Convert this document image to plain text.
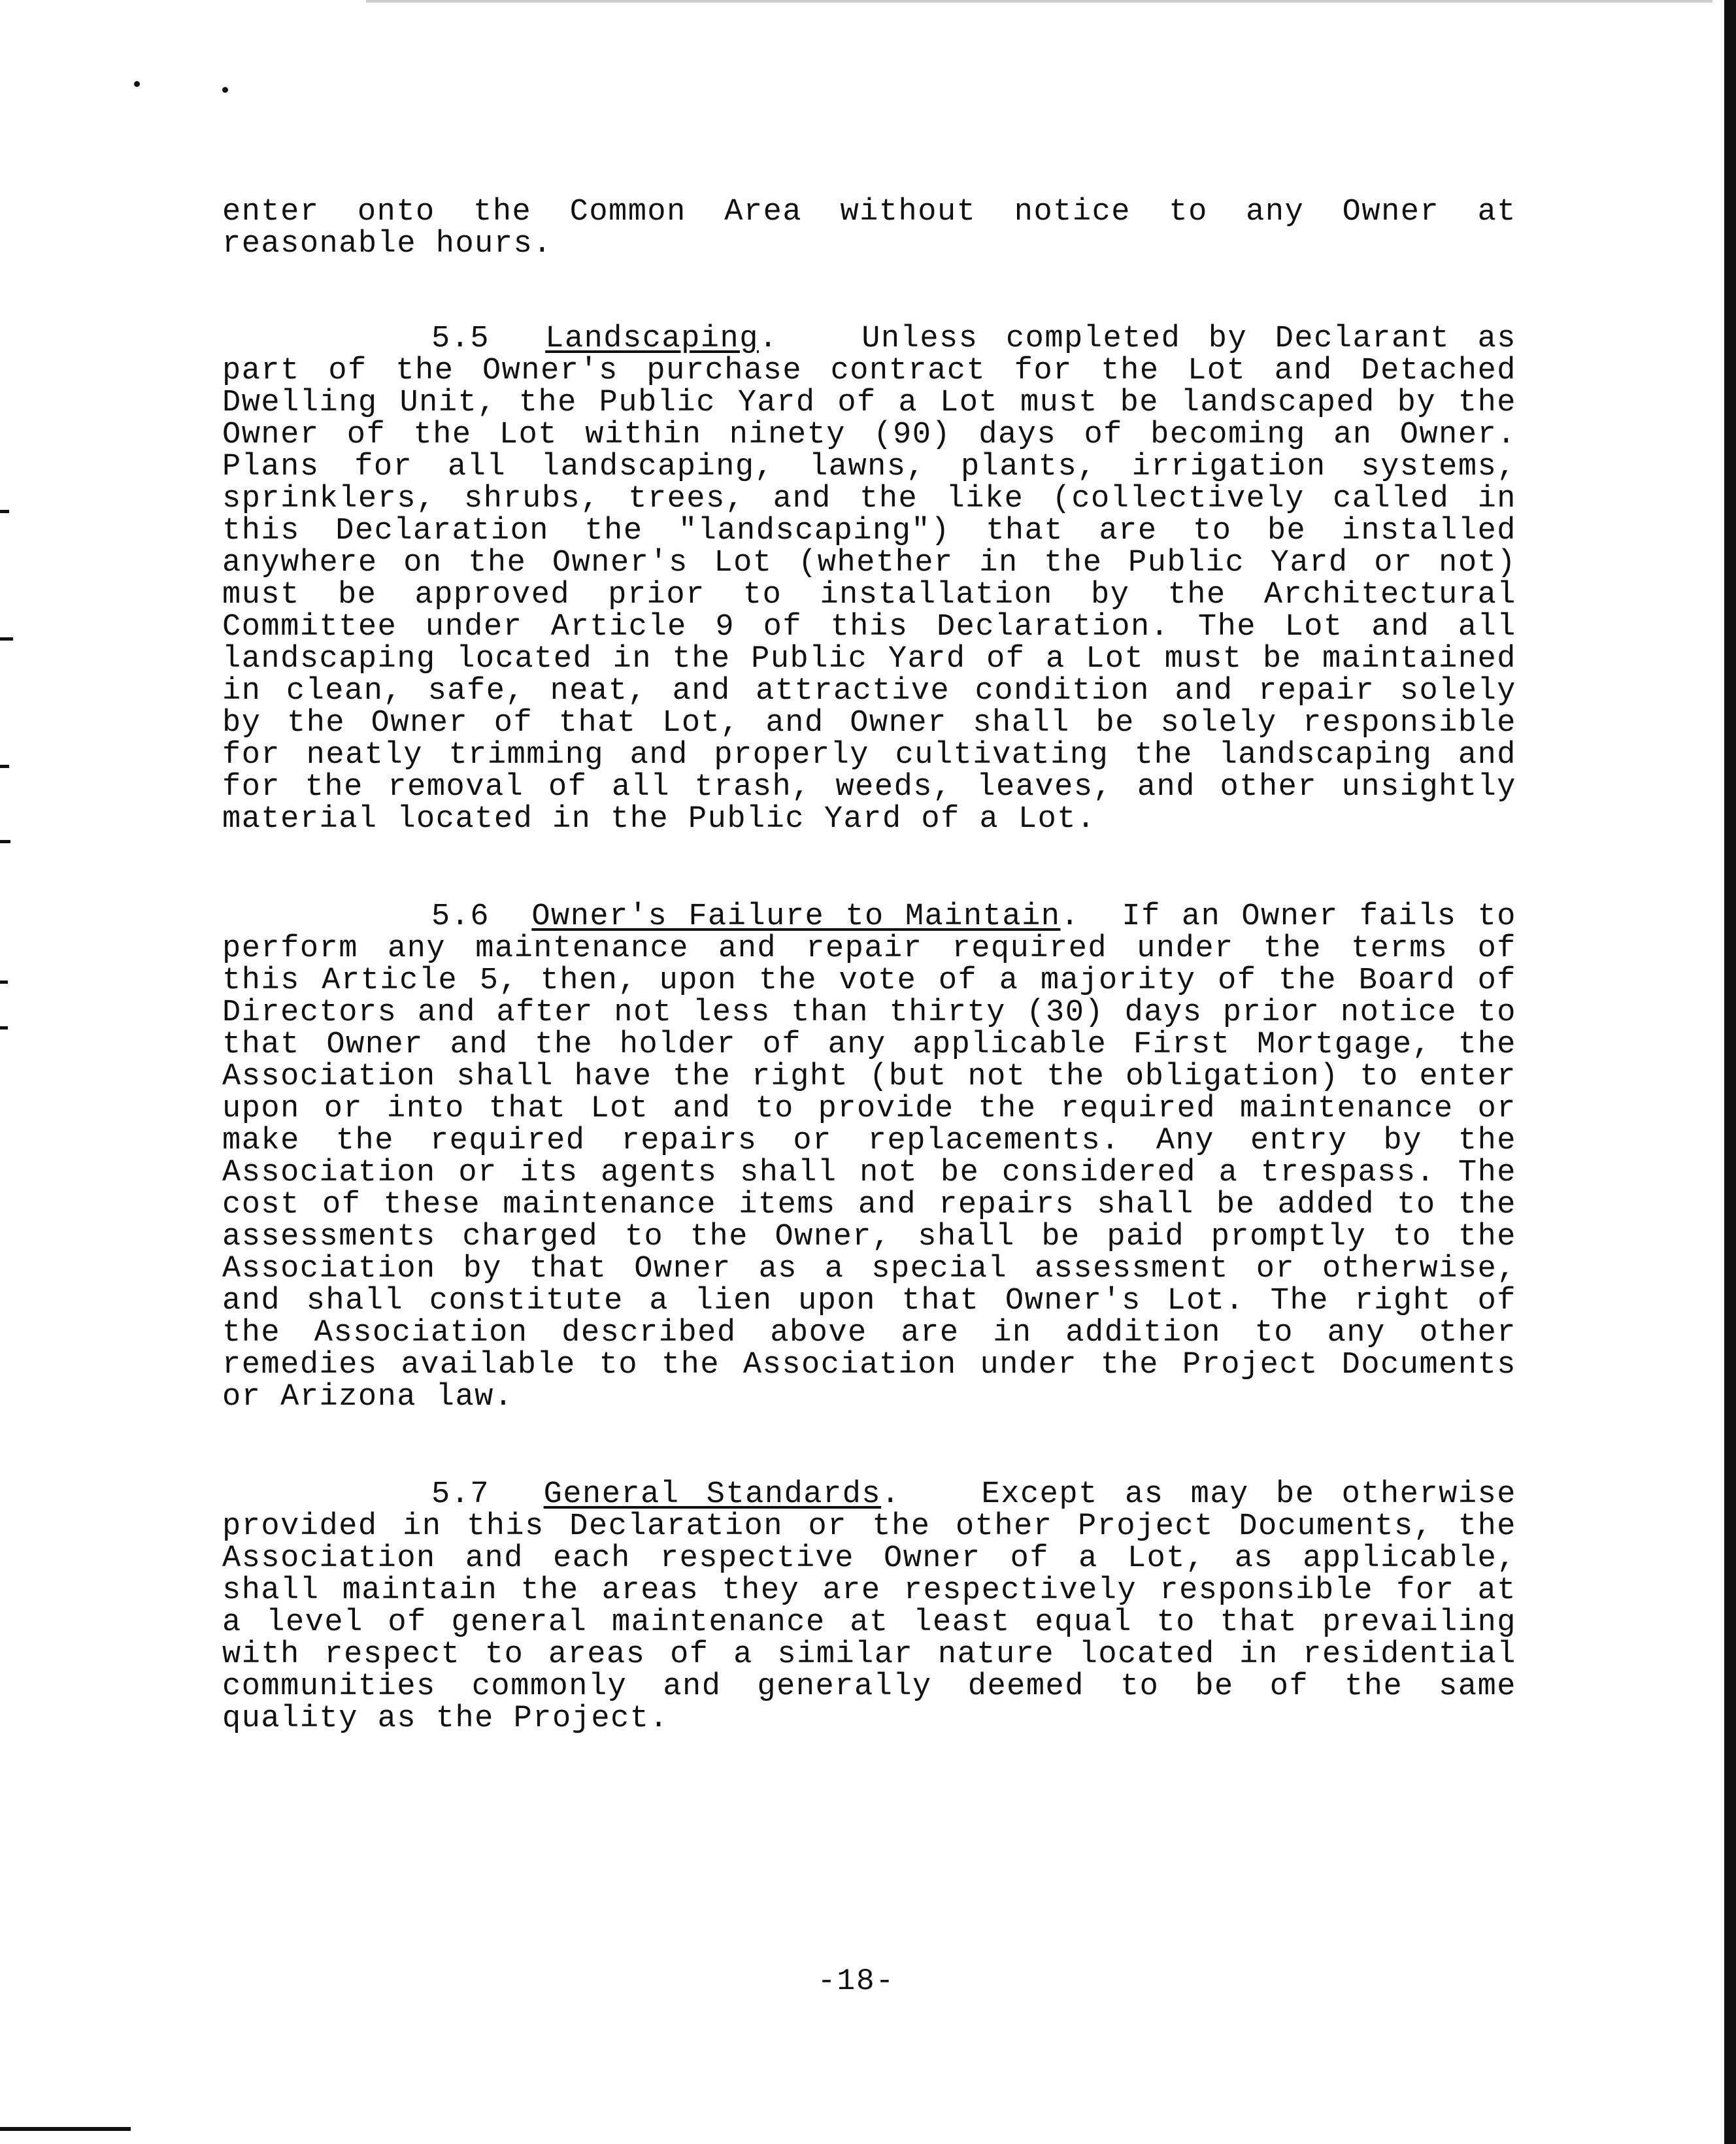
enter onto the Common Area without notice to any Owner at reasonable hours.

5.5 Landscaping.   Unless completed by Declarant as part of the Owner's purchase contract for the Lot and Detached Dwelling Unit, the Public Yard of a Lot must be landscaped by the Owner of the Lot within ninety (90) days of becoming an Owner. Plans for all landscaping, lawns, plants, irrigation systems, sprinklers, shrubs, trees, and the like (collectively called in this Declaration the "landscaping") that are to be installed anywhere on the Owner's Lot (whether in the Public Yard or not) must be approved prior to installation by the Architectural Committee under Article 9 of this Declaration. The Lot and all landscaping located in the Public Yard of a Lot must be maintained in clean, safe, neat, and attractive condition and repair solely by the Owner of that Lot, and Owner shall be solely responsible for neatly trimming and properly cultivating the landscaping and for the removal of all trash, weeds, leaves, and other unsightly material located in the Public Yard of a Lot.

5.6 Owner's Failure to Maintain.  If an Owner fails to perform any maintenance and repair required under the terms of this Article 5, then, upon the vote of a majority of the Board of Directors and after not less than thirty (30) days prior notice to that Owner and the holder of any applicable First Mortgage, the Association shall have the right (but not the obligation) to enter upon or into that Lot and to provide the required maintenance or make the required repairs or replacements. Any entry by the Association or its agents shall not be considered a trespass. The cost of these maintenance items and repairs shall be added to the assessments charged to the Owner, shall be paid promptly to the Association by that Owner as a special assessment or otherwise, and shall constitute a lien upon that Owner's Lot. The right of the Association described above are in addition to any other remedies available to the Association under the Project Documents or Arizona law.

5.7 General Standards.   Except as may be otherwise provided in this Declaration or the other Project Documents, the Association and each respective Owner of a Lot, as applicable, shall maintain the areas they are respectively responsible for at a level of general maintenance at least equal to that prevailing with respect to areas of a similar nature located in residential communities commonly and generally deemed to be of the same quality as the Project.

-18-
